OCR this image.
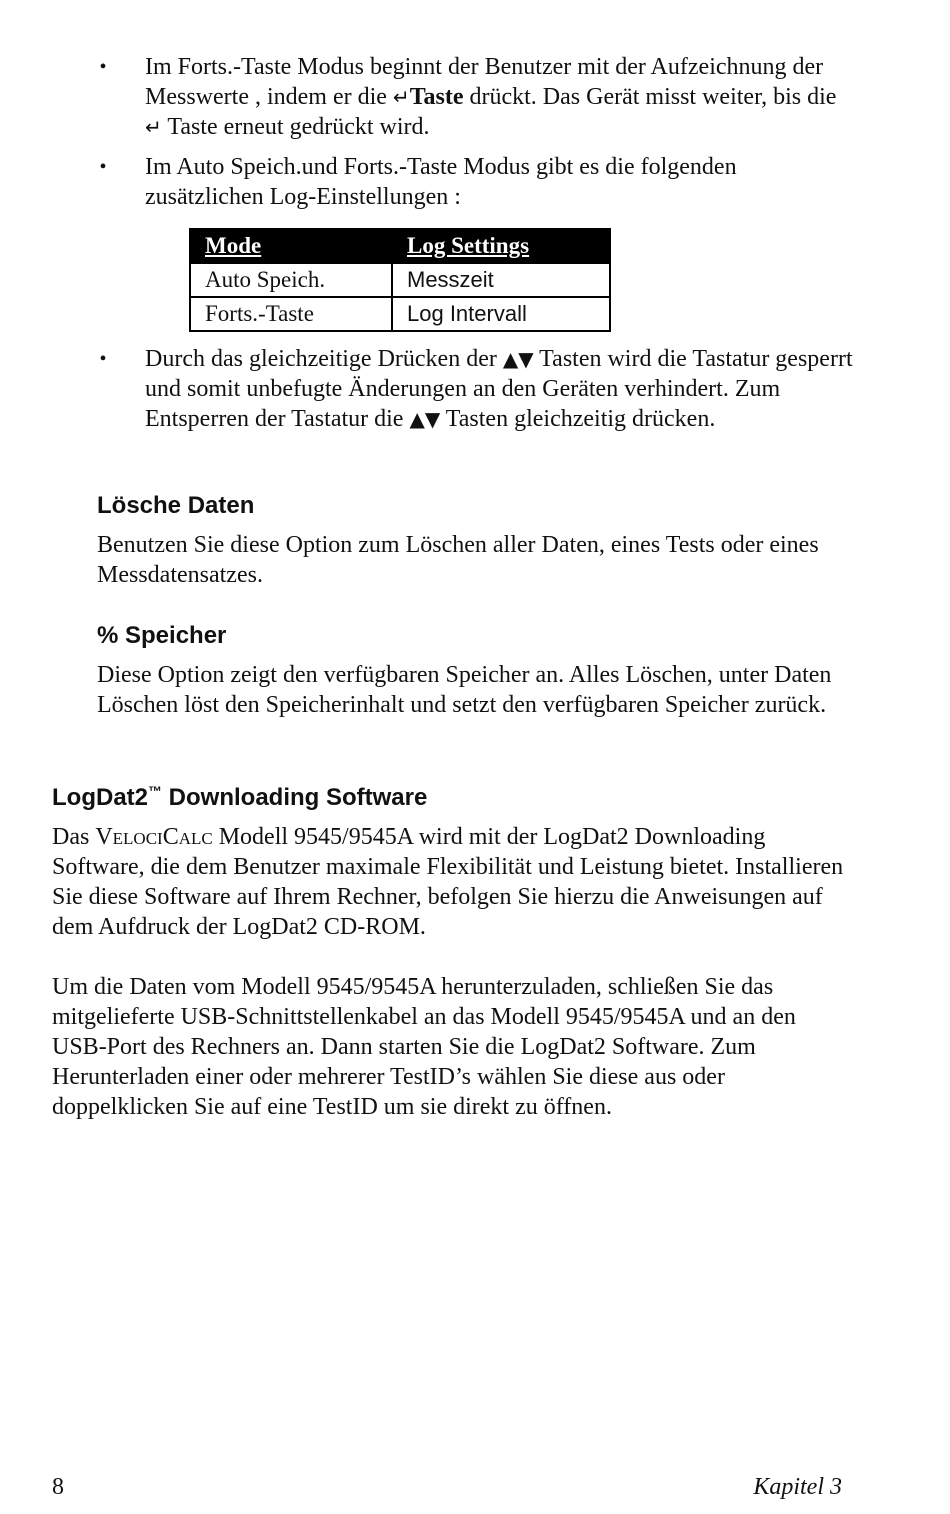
• Im Forts.-Taste Modus beginnt der Benutzer mit der Aufzeichnung der Messwerte , indem er die ↵Taste drückt. Das Gerät misst weiter, bis die ↵ Taste erneut gedrückt wird.

• Im Auto Speich.und Forts.-Taste Modus gibt es die folgenden zusätzlichen Log-Einstellungen :

Mode	Log Settings
Auto Speich.	Messzeit
Forts.-Taste	Log Intervall
• Durch das gleichzeitige Drücken der ▲▼ Tasten wird die Tastatur gesperrt und somit unbefugte Änderungen an den Geräten verhindert. Zum Entsperren der Tastatur die ▲▼ Tasten gleichzeitig drücken.

Lösche Daten

Benutzen Sie diese Option zum Löschen aller Daten, eines Tests oder eines Messdatensatzes.

% Speicher

Diese Option zeigt den verfügbaren Speicher an. Alles Löschen, unter Daten Löschen löst den Speicherinhalt und setzt den verfügbaren Speicher zurück.

LogDat2™ Downloading Software

Das VelociCalc Modell 9545/9545A wird mit der LogDat2 Downloading Software, die dem Benutzer maximale Flexibilität und Leistung bietet. Installieren Sie diese Software auf Ihrem Rechner, befolgen Sie hierzu die Anweisungen auf dem Aufdruck der LogDat2 CD-ROM.

Um die Daten vom Modell 9545/9545A herunterzuladen, schließen Sie das mitgelieferte USB-Schnittstellenkabel an das Modell 9545/9545A und an den USB-Port des Rechners an. Dann starten Sie die LogDat2 Software. Zum Herunterladen einer oder mehrerer TestID’s wählen Sie diese aus oder doppelklicken Sie auf eine TestID um sie direkt zu öffnen.

8	Kapitel 3
